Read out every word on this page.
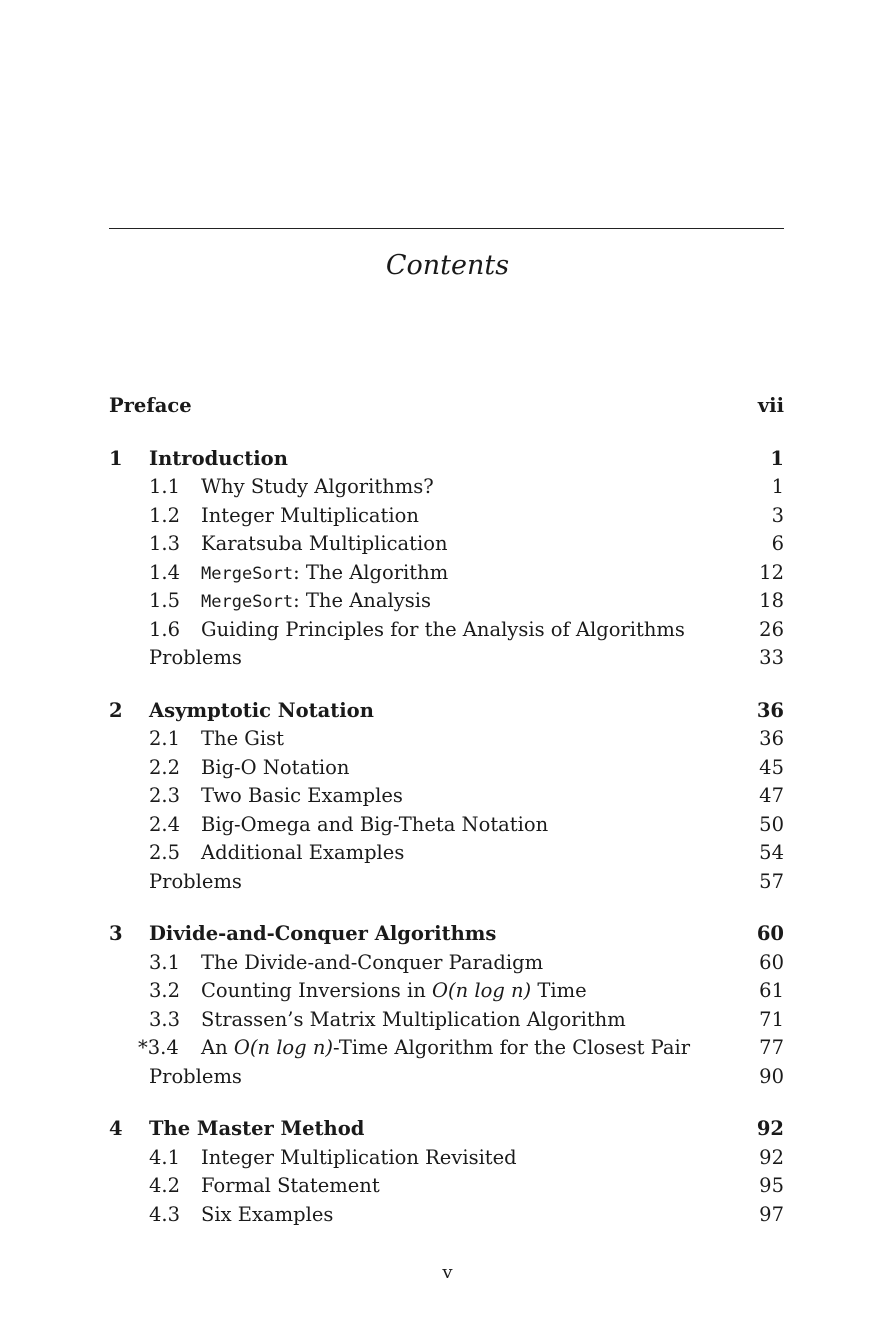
Contents
Preface	vii
1 Introduction	1
1.1 Why Study Algorithms?	1
1.2 Integer Multiplication	3
1.3 Karatsuba Multiplication	6
1.4 MergeSort: The Algorithm	12
1.5 MergeSort: The Analysis	18
1.6 Guiding Principles for the Analysis of Algorithms	26
Problems	33
2 Asymptotic Notation	36
2.1 The Gist	36
2.2 Big-O Notation	45
2.3 Two Basic Examples	47
2.4 Big-Omega and Big-Theta Notation	50
2.5 Additional Examples	54
Problems	57
3 Divide-and-Conquer Algorithms	60
3.1 The Divide-and-Conquer Paradigm	60
3.2 Counting Inversions in O(n log n) Time	61
3.3 Strassen’s Matrix Multiplication Algorithm	71
*3.4 An O(n log n)-Time Algorithm for the Closest Pair	77
Problems	90
4 The Master Method	92
4.1 Integer Multiplication Revisited	92
4.2 Formal Statement	95
4.3 Six Examples	97
v
